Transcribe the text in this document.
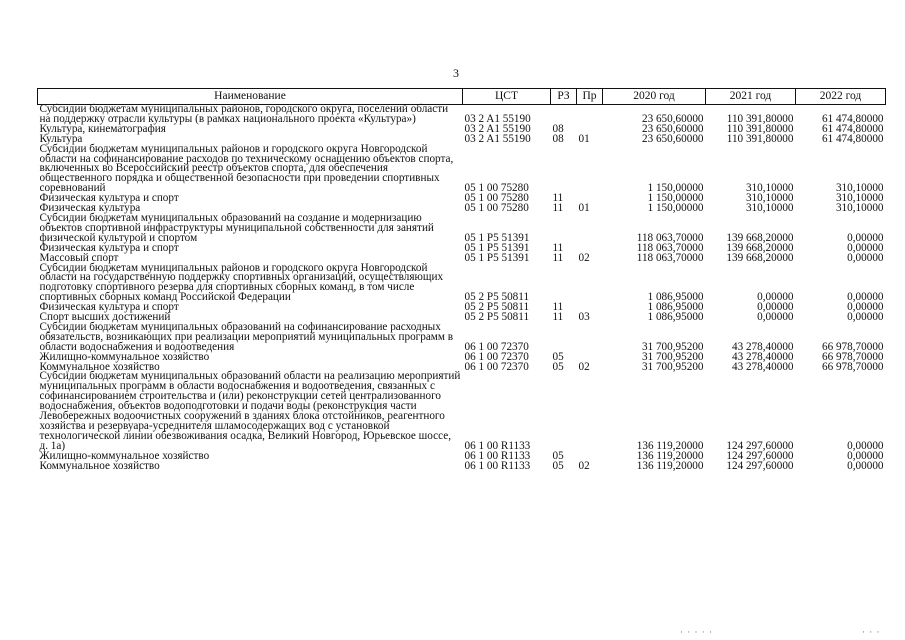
3
Наименование	ЦСТ	РЗ	Пр	2020 год	2021 год	2022 год
Субсидии бюджетам муниципальных районов, городского округа, поселений области на поддержку отрасли культуры (в рамках национального проекта «Культура»)	03 2 A1 55190			23 650,60000	110 391,80000	61 474,80000
Культура, кинематография	03 2 A1 55190	08		23 650,60000	110 391,80000	61 474,80000
Культура	03 2 A1 55190	08	01	23 650,60000	110 391,80000	61 474,80000
Субсидии бюджетам муниципальных районов и городского округа Новгородской области на софинансирование расходов по техническому оснащению объектов спорта, включенных во Всероссийский реестр объектов спорта, для обеспечения общественного порядка и общественной безопасности при проведении спортивных соревнований	05 1 00 75280			1 150,00000	310,10000	310,10000
Физическая культура и спорт	05 1 00 75280	11		1 150,00000	310,10000	310,10000
Физическая культура	05 1 00 75280	11	01	1 150,00000	310,10000	310,10000
Субсидии бюджетам муниципальных образований на создание и модернизацию объектов спортивной инфраструктуры муниципальной собственности для занятий физической культурой и спортом	05 1 P5 51391			118 063,70000	139 668,20000	0,00000
Физическая культура и спорт	05 1 P5 51391	11		118 063,70000	139 668,20000	0,00000
Массовый спорт	05 1 P5 51391	11	02	118 063,70000	139 668,20000	0,00000
Субсидии бюджетам муниципальных районов и городского округа Новгородской области на государственную поддержку спортивных организаций, осуществляющих подготовку спортивного резерва для спортивных сборных команд, в том числе спортивных сборных команд Российской Федерации	05 2 P5 50811			1 086,95000	0,00000	0,00000
Физическая культура и спорт	05 2 P5 50811	11		1 086,95000	0,00000	0,00000
Спорт высших достижений	05 2 P5 50811	11	03	1 086,95000	0,00000	0,00000
Субсидии бюджетам муниципальных образований на софинансирование расходных обязательств, возникающих при реализации мероприятий муниципальных программ в области водоснабжения и водоотведения	06 1 00 72370			31 700,95200	43 278,40000	66 978,70000
Жилищно-коммунальное хозяйство	06 1 00 72370	05		31 700,95200	43 278,40000	66 978,70000
Коммунальное хозяйство	06 1 00 72370	05	02	31 700,95200	43 278,40000	66 978,70000
Субсидии бюджетам муниципальных образований области на реализацию мероприятий муниципальных программ в области водоснабжения и водоотведения, связанных с софинансированием строительства и (или) реконструкции сетей централизованного водоснабжения, объектов водоподготовки и подачи воды (реконструкция части Левобережных водоочистных сооружений в зданиях блока отстойников, реагентного хозяйства и резервуара-усреднителя шламосодержащих вод с установкой технологической линии обезвоживания осадка, Великий Новгород, Юрьевское шоссе, д. 1а)	06 1 00 R1133			136 119,20000	124 297,60000	0,00000
Жилищно-коммунальное хозяйство	06 1 00 R1133	05		136 119,20000	124 297,60000	0,00000
Коммунальное хозяйство	06 1 00 R1133	05	02	136 119,20000	124 297,60000	0,00000
· · · · ·	· · ·
